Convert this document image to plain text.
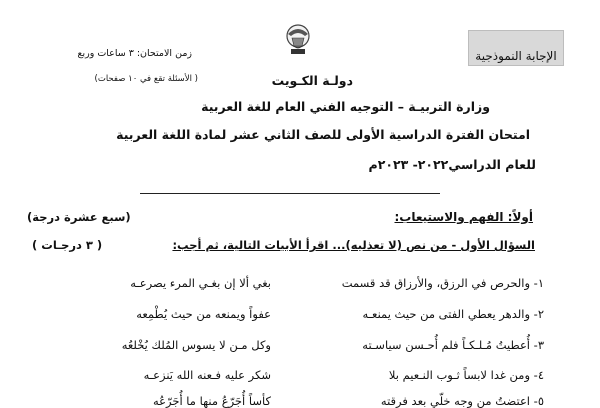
الإجابة النموذجية
زمن الامتحان: ٣ ساعات وربع
( الأسئلة تقع في ١٠ صفحات)	دولـة الكـويت
وزارة التربيـة – التوجيه الفني العام للغة العربية
امتحان الفترة الدراسية الأولى للصف الثاني عشر لمادة اللغة العربية
للعام الدراسي٢٠٢٢- ٢٠٢٣م
أولاً: الفهم والاستيعاب:
(سبع عشرة درجة)
السؤال الأول - من نص (لا تعذليه)... اقرأ الأبيات التالية، ثم أجب:
( ٣ درجـات )
١- والحرص في الرزق، والأرزاق قد قسمت
بغي ألا إن بغـي المرء يصرعـه
٢- والدهر يعطي الفتى من حيث يمنعـه
عفواً ويمنعه من حيث يُطْمِعه
٣- أُعطيتُ مُـلـكـاً فلم أُحـسن سياسـته
وكل مـن لا يسوس المُلك يُخْلعُه
٤- ومن غدا لابساً ثـوب النـعيم بلا
شكر عليه فـعنه الله يَنزعـه
٥- اعتضتُ من وجه خلّي بعد فرقته
كأساً أُجَرّعُ منها ما أُجَرّعُه
